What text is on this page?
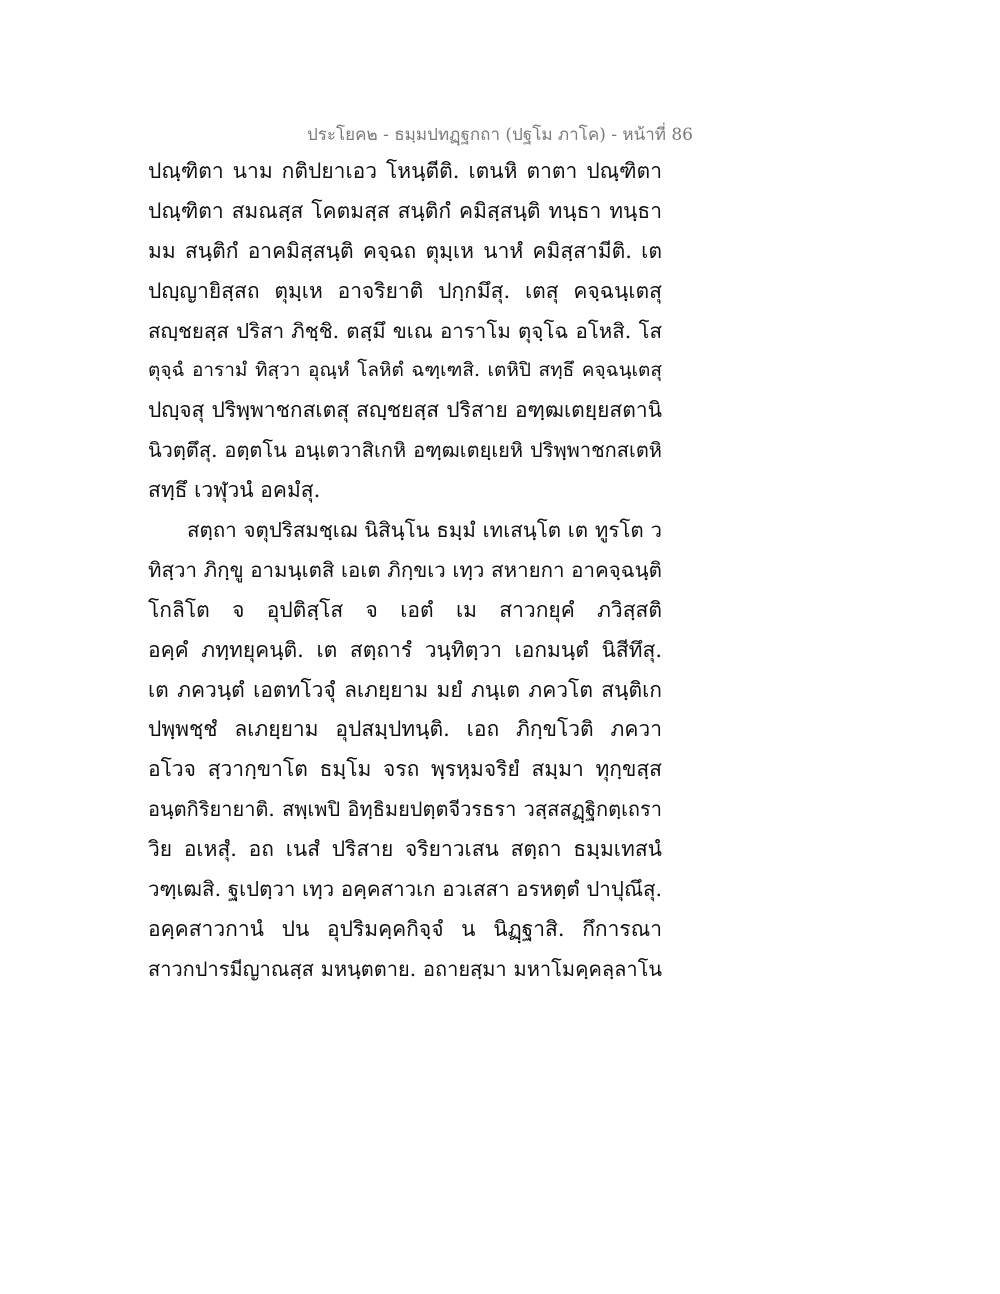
ประโยค๒ - ธมฺมปทฏฺฐกถา (ปฐโม ภาโค) - หน้าที่ 86
ปณฺฑิตา นาม กติปยาเอว โหนฺตีติ. เตนหิ ตาตา ปณฺฑิตา
ปณฺฑิตา สมณสฺส โคตมสฺส สนฺติกํ คมิสฺสนฺติ ทนฺธา ทนฺธา
มม สนฺติกํ อาคมิสฺสนฺติ คจฺฉถ ตุมฺเห นาหํ คมิสฺสามีติ. เต
ปญฺญายิสฺสถ ตุมฺเห อาจริยาติ ปกฺกมึสุ. เตสุ คจฺฉนฺเตสุ
สญฺชยสฺส ปริสา ภิชฺชิ. ตสฺมึ ขเณ อาราโม ตุจฺโฉ อโหสิ. โส
ตุจฺฉํ อารามํ ทิสฺวา อุณฺหํ โลหิตํ ฉฑฺเฑสิ. เตหิปิ สทฺธึ คจฺฉนฺเตสุ
ปญฺจสุ ปริพฺพาชกสเตสุ สญฺชยสฺส ปริสาย อฑฺฒเตยฺยสตานิ
นิวตฺตึสุ. อตฺตโน อนฺเตวาสิเกหิ อฑฺฒเตยฺเยหิ ปริพฺพาชกสเตหิ
สทฺธึ เวฬุวนํ อคมํสุ.
สตฺถา จตุปริสมชฺเฌ นิสินฺโน ธมฺมํ เทเสนฺโต เต ทูรโต ว
ทิสฺวา ภิกฺขู อามนฺเตสิ เอเต ภิกฺขเว เทฺว สหายกา อาคจฺฉนฺติ
โกลิโต จ อุปติสฺโส จ เอตํ เม สาวกยุคํ ภวิสฺสติ
อคฺคํ ภทฺทยุคนฺติ. เต สตฺถารํ วนฺทิตฺวา เอกมนฺตํ นิสีทึสุ.
เต ภควนฺตํ เอตทโวจุํ ลเภยฺยาม มยํ ภนฺเต ภควโต สนฺติเก
ปพฺพชฺชํ ลเภยฺยาม อุปสมฺปทนฺติ. เอถ ภิกฺขโวติ ภควา
อโวจ สฺวากฺขาโต ธมฺโม จรถ พฺรหฺมจริยํ สมฺมา ทุกฺขสฺส
อนฺตกิริยายาติ. สพฺเพปิ อิทฺธิมยปตฺตจีวรธรา วสฺสสฏฺฐิกตฺเถรา
วิย อเหสุํ. อถ เนสํ ปริสาย จริยาวเสน สตฺถา ธมฺมเทสนํ
วฑฺเฒสิ. ฐเปตฺวา เทฺว อคฺคสาวเก อวเสสา อรหตฺตํ ปาปุณึสุ.
อคฺคสาวกานํ ปน อุปริมคฺคกิจฺจํ น นิฏฺฐาสิ. กึการณา
สาวกปารมีญาณสฺส มหนฺตตาย. อถายสฺมา มหาโมคฺคลฺลาโน
